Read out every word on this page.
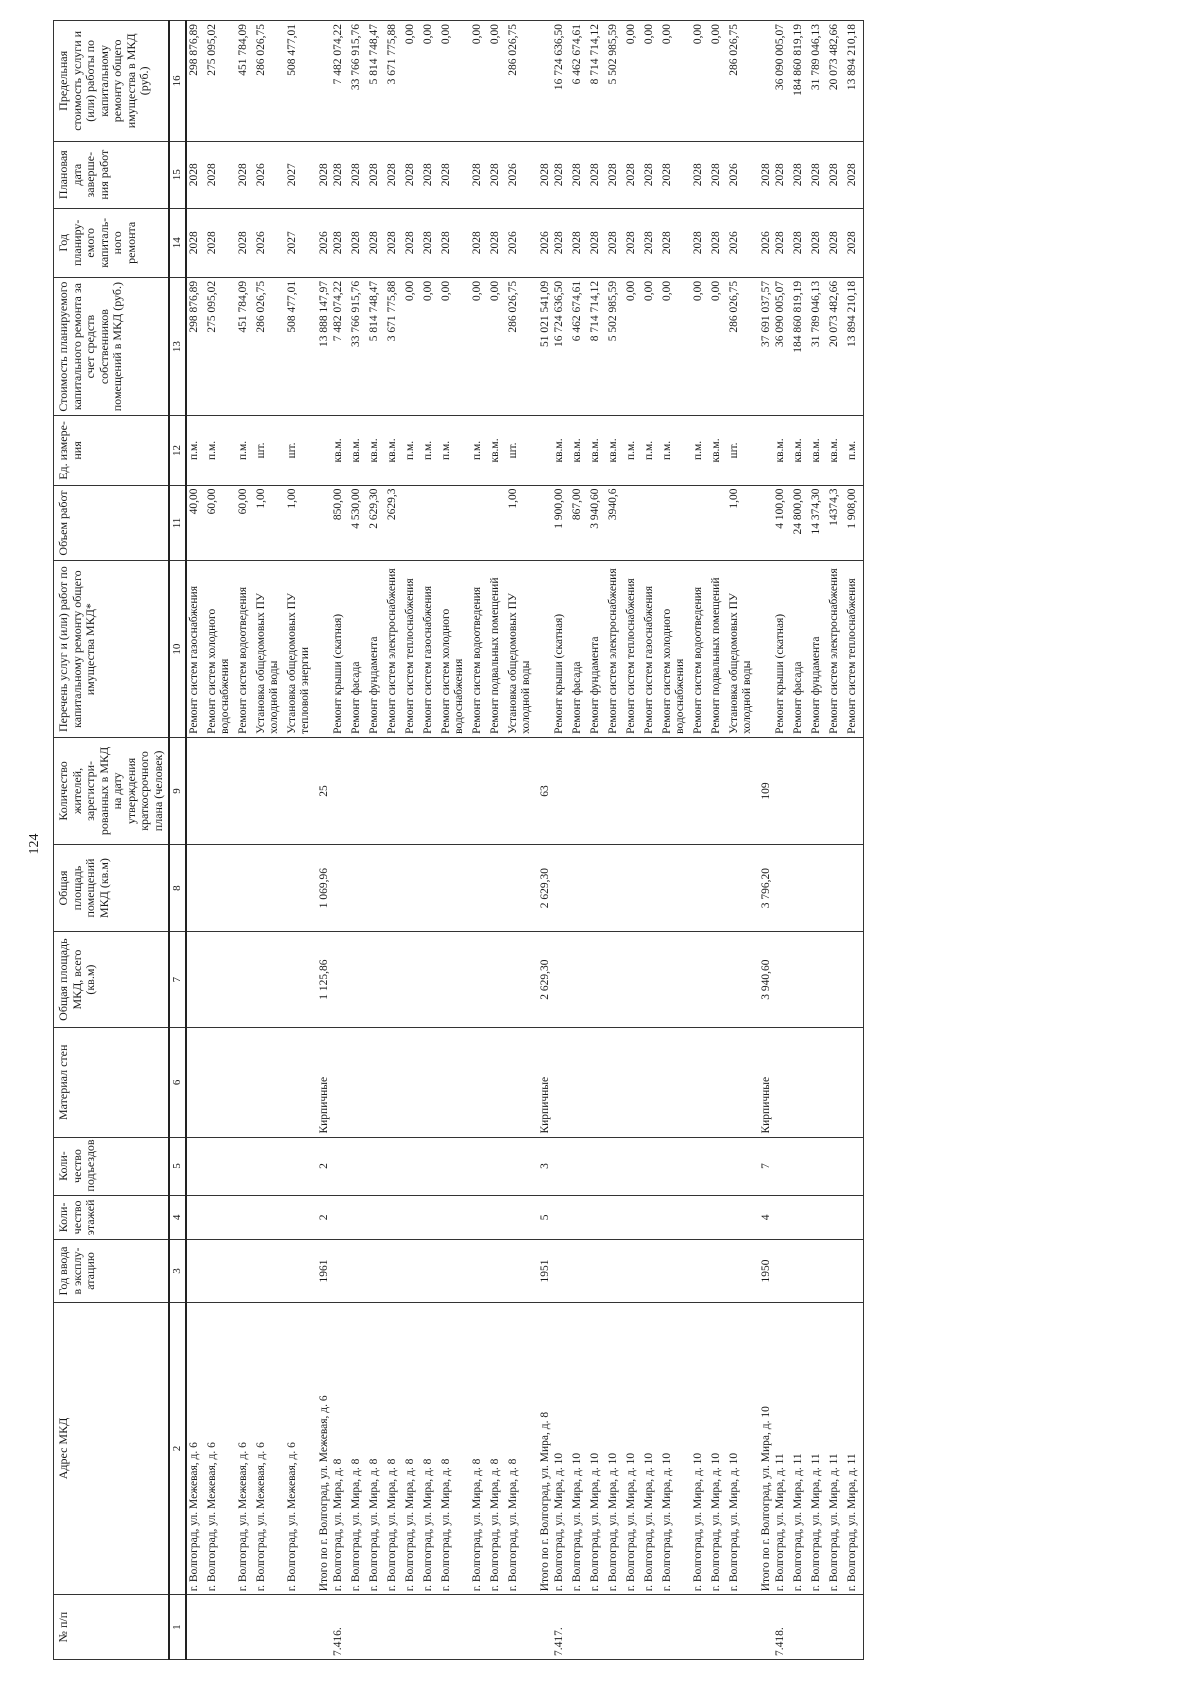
124
№ п/п	Адрес МКД	Год ввода в эксплу-атацию	Коли-чество этажей	Коли-чество подъездов	Материал стен	Общая площадь МКД, всего (кв.м)	Общая площадь помещений МКД (кв.м)	Количество жителей, зарегистри-рованных в МКД на дату утверждения краткосрочного плана (человек)	Перечень услуг и (или) работ по капитальному ремонту общего имущества МКД*	Объем работ	Ед. измере-ния	Стоимость планируемого капитального ремонта за счет средств собственников помещений в МКД (руб.)	Год планиру-емого капиталь-ного ремонта	Плановая дата заверше-ния работ	Предельная стоимость услуги и (или) работы по капитальному ремонту общего имущества в МКД (руб.)
1	2	3	4	5	6	7	8	9	10	11	12	13	14	15	16
	г. Волгоград, ул. Межевая, д. 6								Ремонт систем газоснабжения	40,00	п.м.	298 876,89	2028	2028	298 876,89
	г. Волгоград, ул. Межевая, д. 6								Ремонт систем холодного водоснабжения	60,00	п.м.	275 095,02	2028	2028	275 095,02
	г. Волгоград, ул. Межевая, д. 6								Ремонт систем водоотведения	60,00	п.м.	451 784,09	2028	2028	451 784,09
	г. Волгоград, ул. Межевая, д. 6								Установка общедомовых ПУ холодной воды	1,00	шт.	286 026,75	2026	2026	286 026,75
	г. Волгоград, ул. Межевая, д. 6								Установка общедомовых ПУ тепловой энергии	1,00	шт.	508 477,01	2027	2027	508 477,01
	Итого по г. Волгоград, ул. Межевая, д. 6	1961	2	2	Кирпичные	1 125,86	1 069,96	25				13 888 147,97	2026	2028	
7.416.	г. Волгоград, ул. Мира, д. 8								Ремонт крыши (скатная)	850,00	кв.м.	7 482 074,22	2028	2028	7 482 074,22
	г. Волгоград, ул. Мира, д. 8								Ремонт фасада	4 530,00	кв.м.	33 766 915,76	2028	2028	33 766 915,76
	г. Волгоград, ул. Мира, д. 8								Ремонт фундамента	2 629,30	кв.м.	5 814 748,47	2028	2028	5 814 748,47
	г. Волгоград, ул. Мира, д. 8								Ремонт систем электроснабжения	2629,3	кв.м.	3 671 775,88	2028	2028	3 671 775,88
	г. Волгоград, ул. Мира, д. 8								Ремонт систем теплоснабжения		п.м.	0,00	2028	2028	0,00
	г. Волгоград, ул. Мира, д. 8								Ремонт систем газоснабжения		п.м.	0,00	2028	2028	0,00
	г. Волгоград, ул. Мира, д. 8								Ремонт систем холодного водоснабжения		п.м.	0,00	2028	2028	0,00
	г. Волгоград, ул. Мира, д. 8								Ремонт систем водоотведения		п.м.	0,00	2028	2028	0,00
	г. Волгоград, ул. Мира, д. 8								Ремонт подвальных помещений		кв.м.	0,00	2028	2028	0,00
	г. Волгоград, ул. Мира, д. 8								Установка общедомовых ПУ холодной воды	1,00	шт.	286 026,75	2026	2026	286 026,75
	Итого по г. Волгоград, ул. Мира, д. 8	1951	5	3	Кирпичные	2 629,30	2 629,30	63				51 021 541,09	2026	2028	
7.417.	г. Волгоград, ул. Мира, д. 10								Ремонт крыши (скатная)	1 900,00	кв.м.	16 724 636,50	2028	2028	16 724 636,50
	г. Волгоград, ул. Мира, д. 10								Ремонт фасада	867,00	кв.м.	6 462 674,61	2028	2028	6 462 674,61
	г. Волгоград, ул. Мира, д. 10								Ремонт фундамента	3 940,60	кв.м.	8 714 714,12	2028	2028	8 714 714,12
	г. Волгоград, ул. Мира, д. 10								Ремонт систем электроснабжения	3940,6	кв.м.	5 502 985,59	2028	2028	5 502 985,59
	г. Волгоград, ул. Мира, д. 10								Ремонт систем теплоснабжения		п.м.	0,00	2028	2028	0,00
	г. Волгоград, ул. Мира, д. 10								Ремонт систем газоснабжения		п.м.	0,00	2028	2028	0,00
	г. Волгоград, ул. Мира, д. 10								Ремонт систем холодного водоснабжения		п.м.	0,00	2028	2028	0,00
	г. Волгоград, ул. Мира, д. 10								Ремонт систем водоотведения		п.м.	0,00	2028	2028	0,00
	г. Волгоград, ул. Мира, д. 10								Ремонт подвальных помещений		кв.м.	0,00	2028	2028	0,00
	г. Волгоград, ул. Мира, д. 10								Установка общедомовых ПУ холодной воды	1,00	шт.	286 026,75	2026	2026	286 026,75
	Итого по г. Волгоград, ул. Мира, д. 10	1950	4	7	Кирпичные	3 940,60	3 796,20	109				37 691 037,57	2026	2028	
7.418.	г. Волгоград, ул. Мира, д. 11								Ремонт крыши (скатная)	4 100,00	кв.м.	36 090 005,07	2028	2028	36 090 005,07
	г. Волгоград, ул. Мира, д. 11								Ремонт фасада	24 800,00	кв.м.	184 860 819,19	2028	2028	184 860 819,19
	г. Волгоград, ул. Мира, д. 11								Ремонт фундамента	14 374,30	кв.м.	31 789 046,13	2028	2028	31 789 046,13
	г. Волгоград, ул. Мира, д. 11								Ремонт систем электроснабжения	14374,3	кв.м.	20 073 482,66	2028	2028	20 073 482,66
	г. Волгоград, ул. Мира, д. 11								Ремонт систем теплоснабжения	1 908,00	п.м.	13 894 210,18	2028	2028	13 894 210,18
